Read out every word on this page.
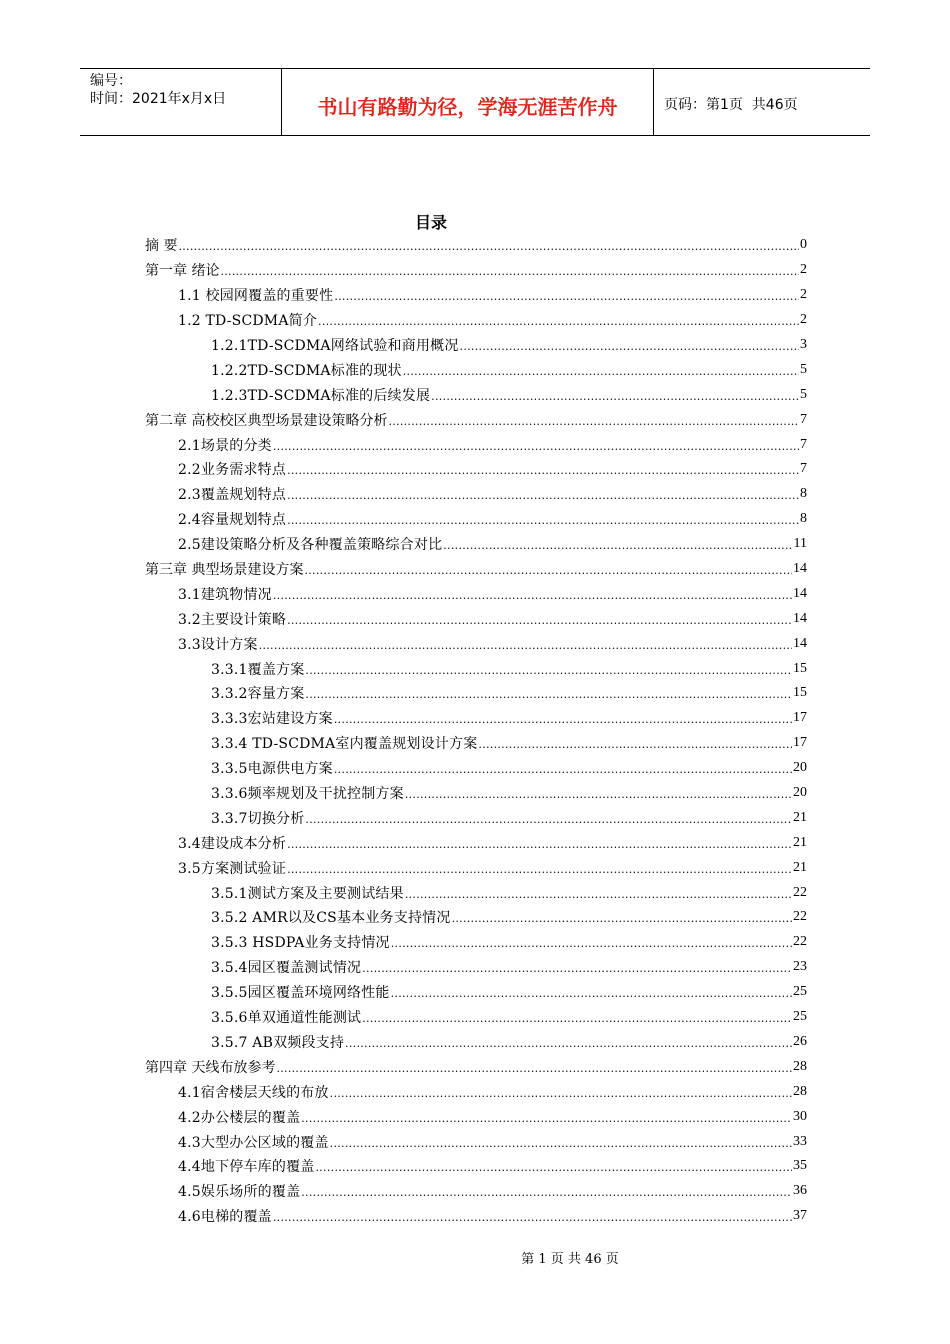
编号：
时间：2021年x月x日	书山有路勤为径，学海无涯苦作舟	页码：第1页  共46页
目录
摘 要 .....	0
第一章 绪论 .....	2
1.1 校园网覆盖的重要性 .....	2
1.2 TD-SCDMA简介 .....	2
1.2.1TD-SCDMA网络试验和商用概况 .....	3
1.2.2TD-SCDMA标准的现状 .....	5
1.2.3TD-SCDMA标准的后续发展 .....	5
第二章 高校校区典型场景建设策略分析 .....	7
2.1场景的分类 .....	7
2.2业务需求特点 .....	7
2.3覆盖规划特点 .....	8
2.4容量规划特点 .....	8
2.5建设策略分析及各种覆盖策略综合对比 .....	11
第三章 典型场景建设方案 .....	14
3.1建筑物情况 .....	14
3.2主要设计策略 .....	14
3.3设计方案 .....	14
3.3.1覆盖方案 .....	15
3.3.2容量方案 .....	15
3.3.3宏站建设方案 .....	17
3.3.4 TD-SCDMA室内覆盖规划设计方案 .....	17
3.3.5电源供电方案 .....	20
3.3.6频率规划及干扰控制方案 .....	20
3.3.7切换分析 .....	21
3.4建设成本分析 .....	21
3.5方案测试验证 .....	21
3.5.1测试方案及主要测试结果 .....	22
3.5.2 AMR以及CS基本业务支持情况 .....	22
3.5.3 HSDPA业务支持情况 .....	22
3.5.4园区覆盖测试情况 .....	23
3.5.5园区覆盖环境网络性能 .....	25
3.5.6单双通道性能测试 .....	25
3.5.7 AB双频段支持 .....	26
第四章 天线布放参考 .....	28
4.1宿舍楼层天线的布放 .....	28
4.2办公楼层的覆盖 .....	30
4.3大型办公区域的覆盖 .....	33
4.4地下停车库的覆盖 .....	35
4.5娱乐场所的覆盖 .....	36
4.6电梯的覆盖 .....	37
第 1 页 共 46 页
